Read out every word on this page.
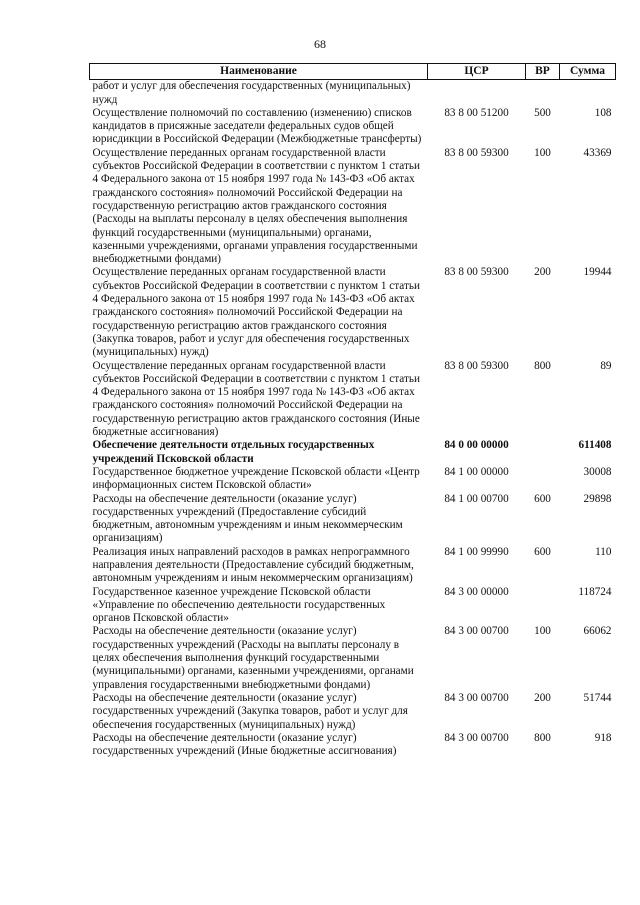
68
Наименование	ЦСР	ВР	Сумма
работ и услуг для обеспечения государственных (муниципальных) нужд			
Осуществление полномочий по составлению (изменению) списков кандидатов в присяжные заседатели федеральных судов общей юрисдикции в Российской Федерации (Межбюджетные трансферты)	83 8 00 51200	500	108
Осуществление переданных органам государственной власти субъектов Российской Федерации в соответствии с пунктом 1 статьи 4 Федерального закона от 15 ноября 1997 года № 143-ФЗ «Об актах гражданского состояния» полномочий Российской Федерации на государственную регистрацию актов гражданского состояния (Расходы на выплаты персоналу в целях обеспечения выполнения функций государственными (муниципальными) органами, казенными учреждениями, органами управления государственными внебюджетными фондами)	83 8 00 59300	100	43369
Осуществление переданных органам государственной власти субъектов Российской Федерации в соответствии с пунктом 1 статьи 4 Федерального закона от 15 ноября 1997 года № 143-ФЗ «Об актах гражданского состояния» полномочий Российской Федерации на государственную регистрацию актов гражданского состояния (Закупка товаров, работ и услуг для обеспечения государственных (муниципальных) нужд)	83 8 00 59300	200	19944
Осуществление переданных органам государственной власти субъектов Российской Федерации в соответствии с пунктом 1 статьи 4 Федерального закона от 15 ноября 1997 года № 143-ФЗ «Об актах гражданского состояния» полномочий Российской Федерации на государственную регистрацию актов гражданского состояния (Иные бюджетные ассигнования)	83 8 00 59300	800	89
Обеспечение деятельности отдельных государственных учреждений Псковской области	84 0 00 00000		611408
Государственное бюджетное учреждение Псковской области «Центр информационных систем Псковской области»	84 1 00 00000		30008
Расходы на обеспечение деятельности (оказание услуг) государственных учреждений (Предоставление субсидий бюджетным, автономным учреждениям и иным некоммерческим организациям)	84 1 00 00700	600	29898
Реализация иных направлений расходов в рамках непрограммного направления деятельности (Предоставление субсидий бюджетным, автономным учреждениям и иным некоммерческим организациям)	84 1 00 99990	600	110
Государственное казенное учреждение Псковской области «Управление по обеспечению деятельности государственных органов Псковской области»	84 3 00 00000		118724
Расходы на обеспечение деятельности (оказание услуг) государственных учреждений (Расходы на выплаты персоналу в целях обеспечения выполнения функций государственными (муниципальными) органами, казенными учреждениями, органами управления государственными внебюджетными фондами)	84 3 00 00700	100	66062
Расходы на обеспечение деятельности (оказание услуг) государственных учреждений (Закупка товаров, работ и услуг для обеспечения государственных (муниципальных) нужд)	84 3 00 00700	200	51744
Расходы на обеспечение деятельности (оказание услуг) государственных учреждений (Иные бюджетные ассигнования)	84 3 00 00700	800	918
